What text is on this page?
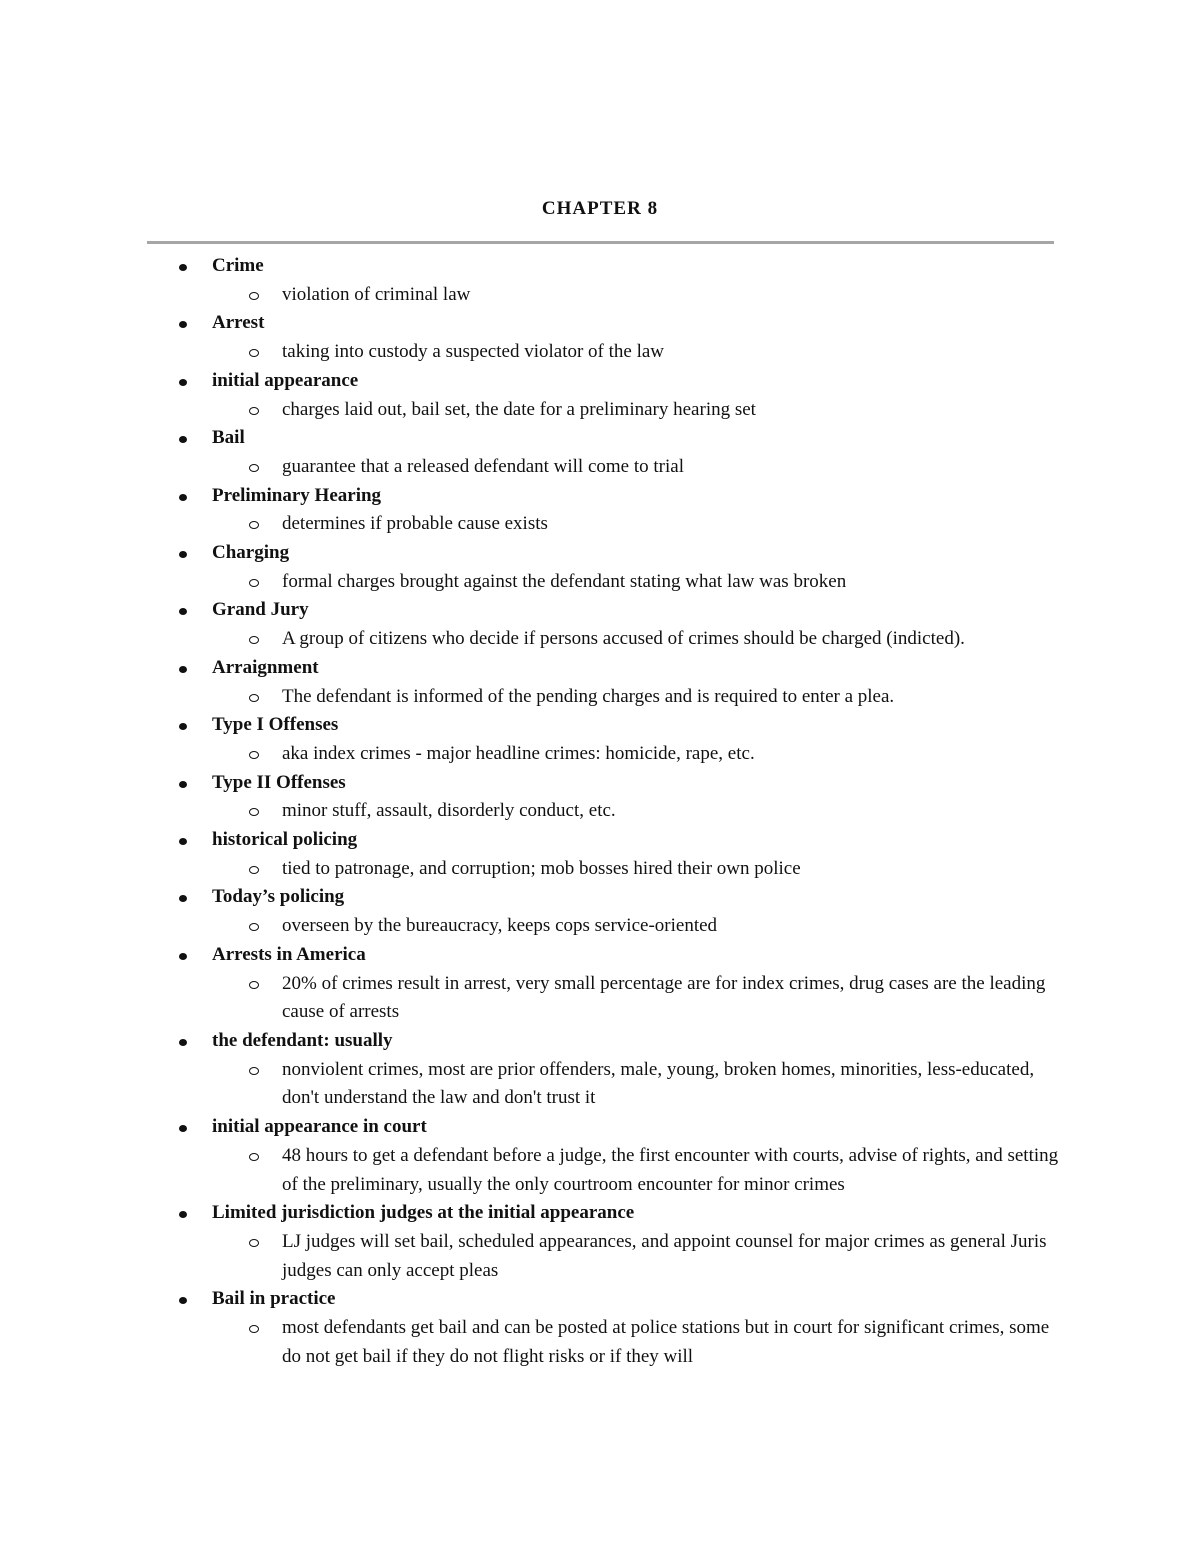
CHAPTER 8
Crime
violation of criminal law
Arrest
taking into custody a suspected violator of the law
initial appearance
charges laid out, bail set, the date for a preliminary hearing set
Bail
guarantee that a released defendant will come to trial
Preliminary Hearing
determines if probable cause exists
Charging
formal charges brought against the defendant stating what law was broken
Grand Jury
A group of citizens who decide if persons accused of crimes should be charged (indicted).
Arraignment
The defendant is informed of the pending charges and is required to enter a plea.
Type I Offenses
aka index crimes - major headline crimes: homicide, rape, etc.
Type II Offenses
minor stuff, assault, disorderly conduct, etc.
historical policing
tied to patronage, and corruption; mob bosses hired their own police
Today’s policing
overseen by the bureaucracy, keeps cops service-oriented
Arrests in America
20% of crimes result in arrest, very small percentage are for index crimes, drug cases are the leading cause of arrests
the defendant: usually
nonviolent crimes, most are prior offenders, male, young, broken homes, minorities, less-educated, don't understand the law and don't trust it
initial appearance in court
48 hours to get a defendant before a judge, the first encounter with courts, advise of rights, and setting of the preliminary, usually the only courtroom encounter for minor crimes
Limited jurisdiction judges at the initial appearance
LJ judges will set bail, scheduled appearances, and appoint counsel for major crimes as general Juris judges can only accept pleas
Bail in practice
most defendants get bail and can be posted at police stations but in court for significant crimes, some do not get bail if they do not flight risks or if they will
